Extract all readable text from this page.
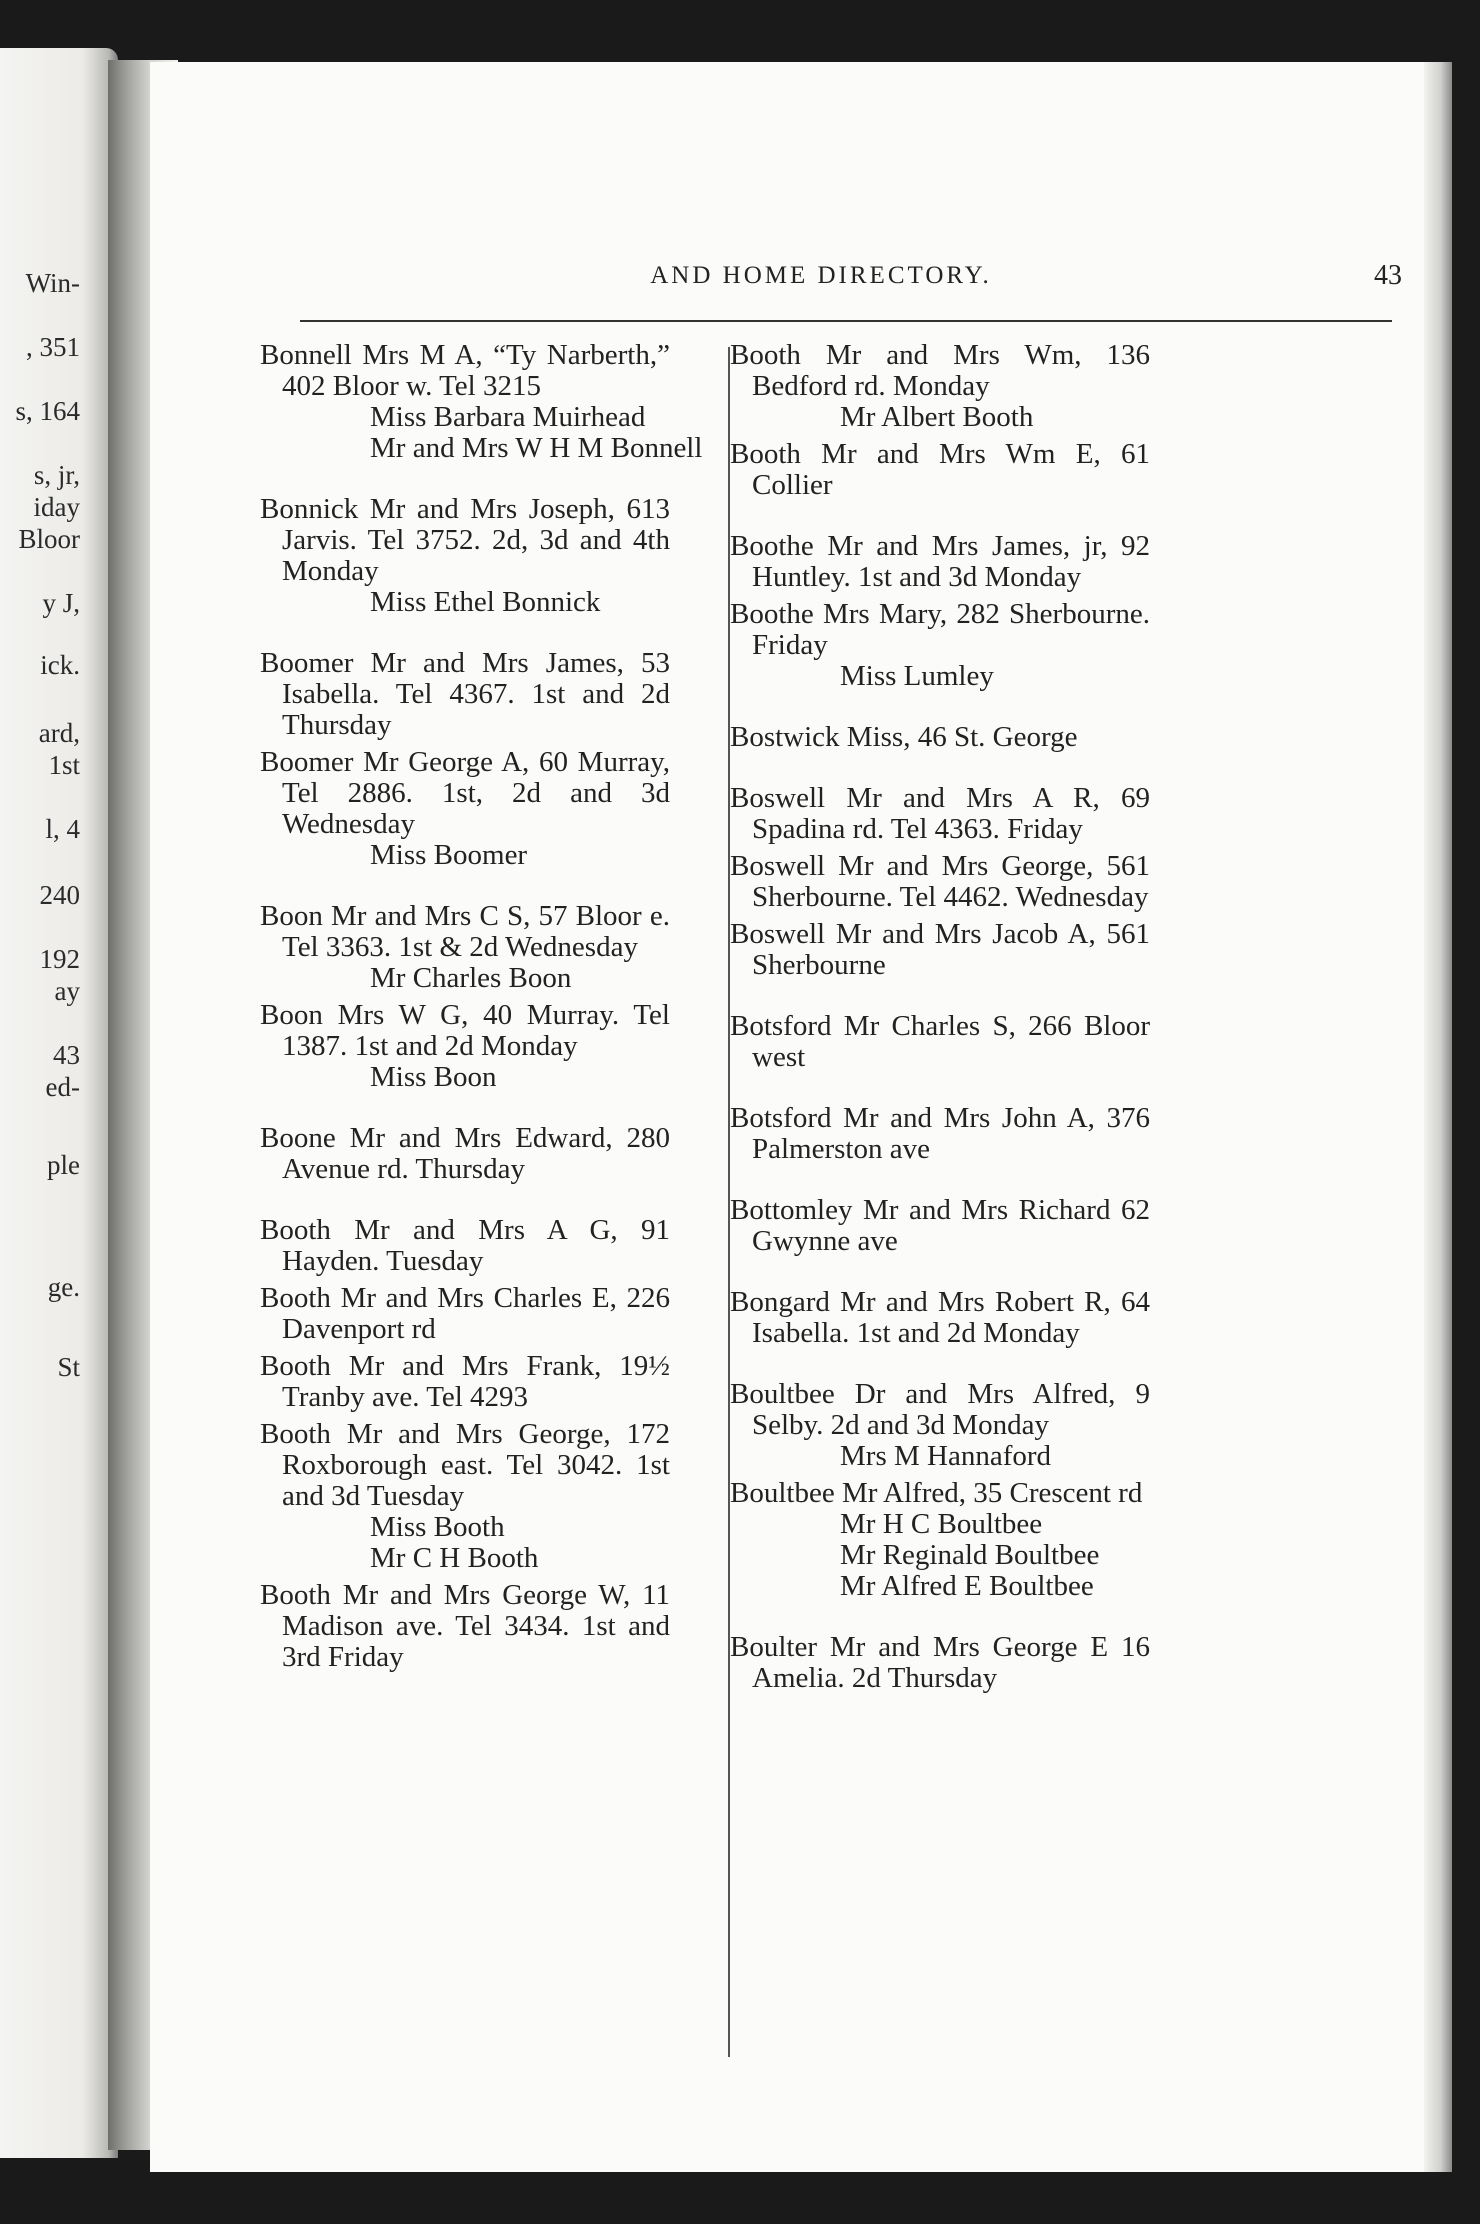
Win-
, 351
s, 164
s, jr,
iday
Bloor
y J,
ick.
ard,
1st
l, 4
240
192
ay
43
ed-
ple
ge.
St
AND HOME DIRECTORY.	43
Bonnell Mrs M A, “Ty Narberth,” 402 Bloor w. Tel 3215
Miss Barbara Muirhead
Mr and Mrs W H M Bonnell
Bonnick Mr and Mrs Joseph, 613 Jarvis. Tel 3752. 2d, 3d and 4th Monday
Miss Ethel Bonnick
Boomer Mr and Mrs James, 53 Isabella. Tel 4367. 1st and 2d Thursday
Boomer Mr George A, 60 Murray, Tel 2886. 1st, 2d and 3d Wednesday
Miss Boomer
Boon Mr and Mrs C S, 57 Bloor e. Tel 3363. 1st & 2d Wednesday
Mr Charles Boon
Boon Mrs W G, 40 Murray. Tel 1387. 1st and 2d Monday
Miss Boon
Boone Mr and Mrs Edward, 280 Avenue rd. Thursday
Booth Mr and Mrs A G, 91 Hayden. Tuesday
Booth Mr and Mrs Charles E, 226 Davenport rd
Booth Mr and Mrs Frank, 19½ Tranby ave. Tel 4293
Booth Mr and Mrs George, 172 Roxborough east. Tel 3042. 1st and 3d Tuesday
Miss Booth
Mr C H Booth
Booth Mr and Mrs George W, 11 Madison ave. Tel 3434. 1st and 3rd Friday
Booth Mr and Mrs Wm, 136 Bedford rd. Monday
Mr Albert Booth
Booth Mr and Mrs Wm E, 61 Collier
Boothe Mr and Mrs James, jr, 92 Huntley. 1st and 3d Monday
Boothe Mrs Mary, 282 Sherbourne. Friday
Miss Lumley
Bostwick Miss, 46 St. George
Boswell Mr and Mrs A R, 69 Spadina rd. Tel 4363. Friday
Boswell Mr and Mrs George, 561 Sherbourne. Tel 4462. Wednesday
Boswell Mr and Mrs Jacob A, 561 Sherbourne
Botsford Mr Charles S, 266 Bloor west
Botsford Mr and Mrs John A, 376 Palmerston ave
Bottomley Mr and Mrs Richard 62 Gwynne ave
Bongard Mr and Mrs Robert R, 64 Isabella. 1st and 2d Monday
Boultbee Dr and Mrs Alfred, 9 Selby. 2d and 3d Monday
Mrs M Hannaford
Boultbee Mr Alfred, 35 Crescent rd
Mr H C Boultbee
Mr Reginald Boultbee
Mr Alfred E Boultbee
Boulter Mr and Mrs George E 16 Amelia. 2d Thursday
